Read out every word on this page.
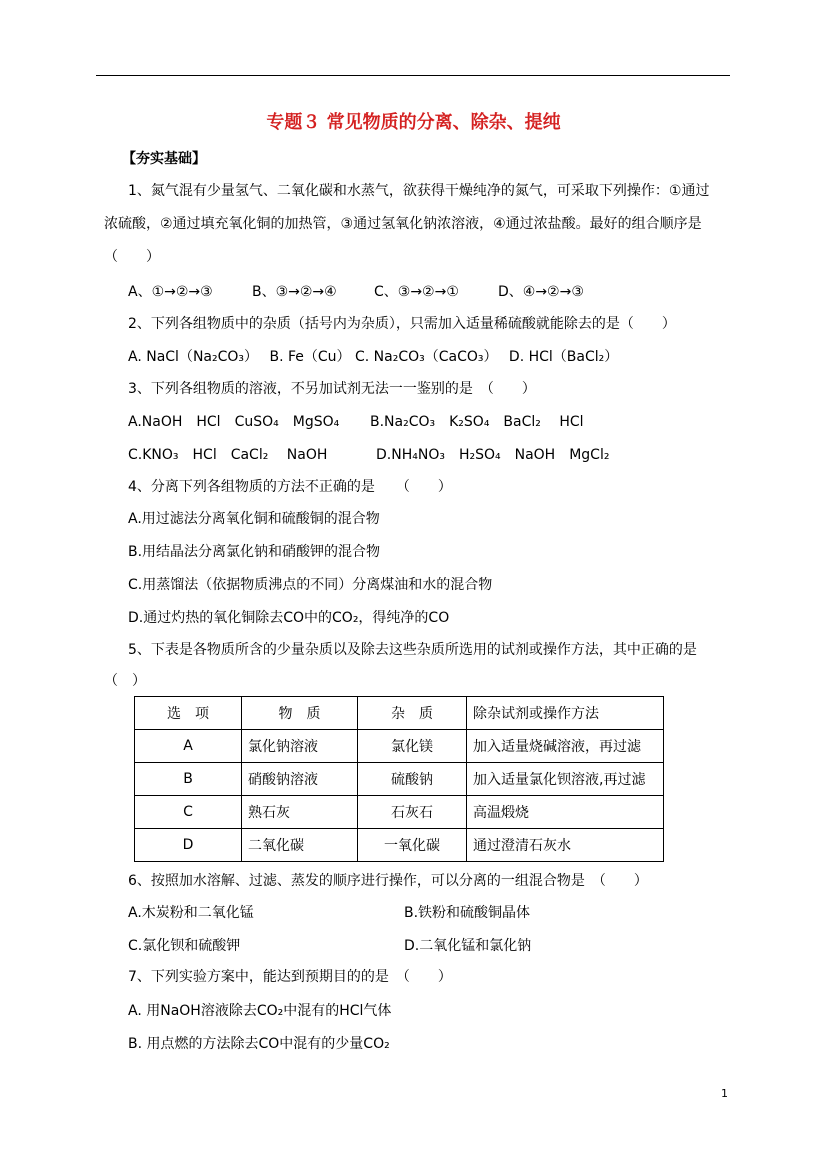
专题３ 常见物质的分离、除杂、提纯
【夯实基础】
1、氮气混有少量氢气、二氧化碳和水蒸气，欲获得干燥纯净的氮气，可采取下列操作：①通过
浓硫酸，②通过填充氧化铜的加热管，③通过氢氧化钠浓溶液，④通过浓盐酸。最好的组合顺序是
（　　）
A、①→②→③	B、③→②→④	C、③→②→①	D、④→②→③
2、下列各组物质中的杂质（括号内为杂质），只需加入适量稀硫酸就能除去的是（　　）
A. NaCl（Na₂CO₃）　 B. Fe（Cu） C. Na₂CO₃（CaCO₃）　 D. HCl（BaCl₂）
3、下列各组物质的溶液，不另加试剂无法一一鉴别的是　（　　）
A.NaOH　HCl　CuSO₄　MgSO₄ B.Na₂CO₃　K₂SO₄　BaCl₂　 HCl
C.KNO₃　HCl　CaCl₂　 NaOH	D.NH₄NO₃　H₂SO₄　NaOH　MgCl₂
4、分离下列各组物质的方法不正确的是　　（　　）
A.用过滤法分离氧化铜和硫酸铜的混合物
B.用结晶法分离氯化钠和硝酸钾的混合物
C.用蒸馏法（依据物质沸点的不同）分离煤油和水的混合物
D.通过灼热的氧化铜除去CO中的CO₂，得纯净的CO
5、下表是各物质所含的少量杂质以及除去这些杂质所选用的试剂或操作方法，其中正确的是
（　）
选　项	物　质	杂　质	除杂试剂或操作方法
A	氯化钠溶液	氯化镁	加入适量烧碱溶液，再过滤
B	硝酸钠溶液	硫酸钠	加入适量氯化钡溶液,再过滤
C	熟石灰	石灰石	高温煅烧
D	二氧化碳	一氧化碳	通过澄清石灰水
6、按照加水溶解、过滤、蒸发的顺序进行操作，可以分离的一组混合物是　（　　）
A.木炭粉和二氧化锰	B.铁粉和硫酸铜晶体
C.氯化钡和硫酸钾	D.二氧化锰和氯化钠
7、下列实验方案中，能达到预期目的的是　（　　）
A. 用NaOH溶液除去CO₂中混有的HCl气体
B. 用点燃的方法除去CO中混有的少量CO₂
1
